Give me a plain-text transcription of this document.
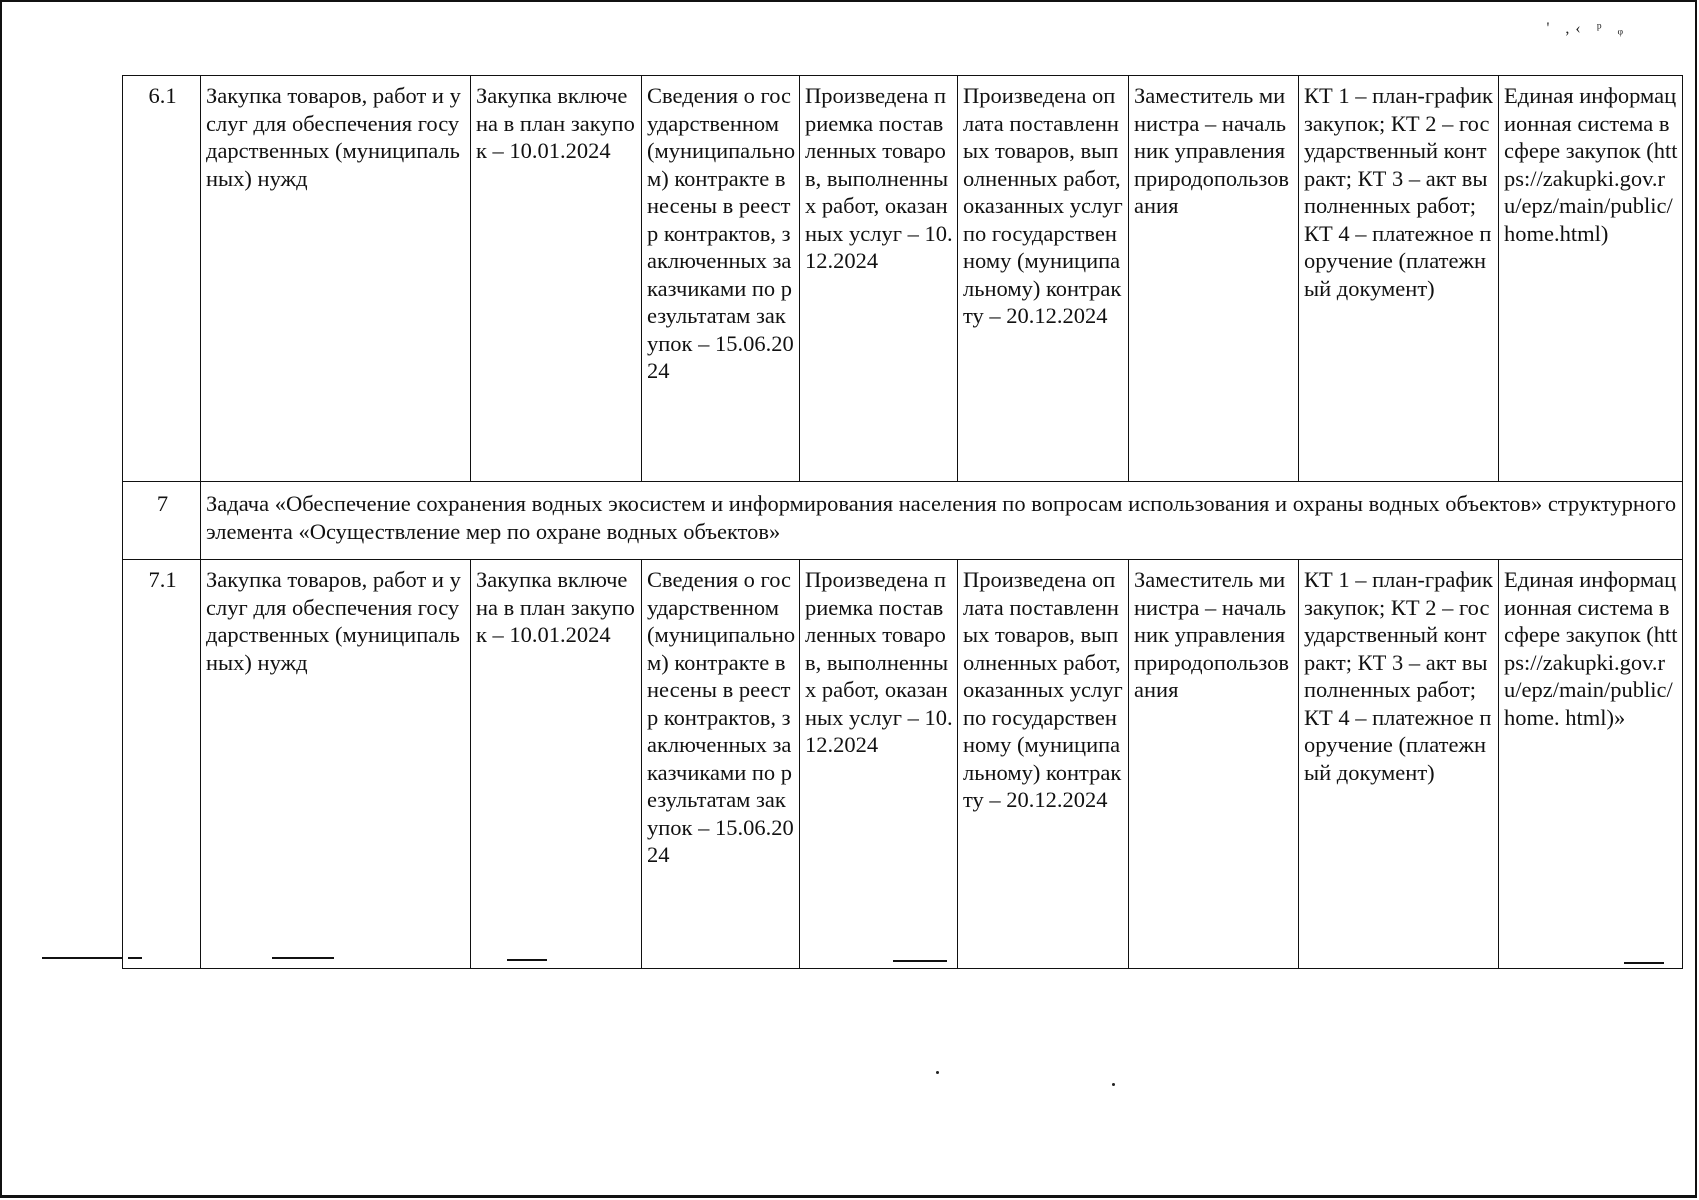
' ,‹ ᵖ ᵩ
6.1	Закупка товаров, работ и услуг для обеспечения государственных (муниципальных) нужд	Закупка включена в план закупок – 10.01.2024	Сведения о государственном (муниципальном) контракте внесены в реестр контрактов, заключенных заказчиками по результатам закупок – 15.06.2024	Произведена приемка поставленных товаров, выполненных работ, оказанных услуг – 10.12.2024	Произведена оплата поставленных товаров, выполненных работ, оказанных услуг по государственному (муниципальному) контракту – 20.12.2024	Заместитель министра – начальник управления природопользования	КТ 1 – план-график закупок; КТ 2 – государственный контракт; КТ 3 – акт выполненных работ; КТ 4 – платежное поручение (платежный документ)	Единая информационная система в сфере закупок (https://zakupki.gov.ru/epz/main/public/home.html)
7	Задача «Обеспечение сохранения водных экосистем и информирования населения по вопросам использования и охраны водных объектов» структурного элемента «Осуществление мер по охране водных объектов»							
7.1	Закупка товаров, работ и услуг для обеспечения государственных (муниципальных) нужд	Закупка включена в план закупок – 10.01.2024	Сведения о государственном (муниципальном) контракте внесены в реестр контрактов, заключенных заказчиками по результатам закупок – 15.06.2024	Произведена приемка поставленных товаров, выполненных работ, оказанных услуг – 10.12.2024	Произведена оплата поставленных товаров, выполненных работ, оказанных услуг по государственному (муниципальному) контракту – 20.12.2024	Заместитель министра – начальник управления природопользования	КТ 1 – план-график закупок; КТ 2 – государственный контракт; КТ 3 – акт выполненных работ; КТ 4 – платежное поручение (платежный документ)	Единая информационная система в сфере закупок (https://zakupki.gov.ru/epz/main/public/home. html)»
